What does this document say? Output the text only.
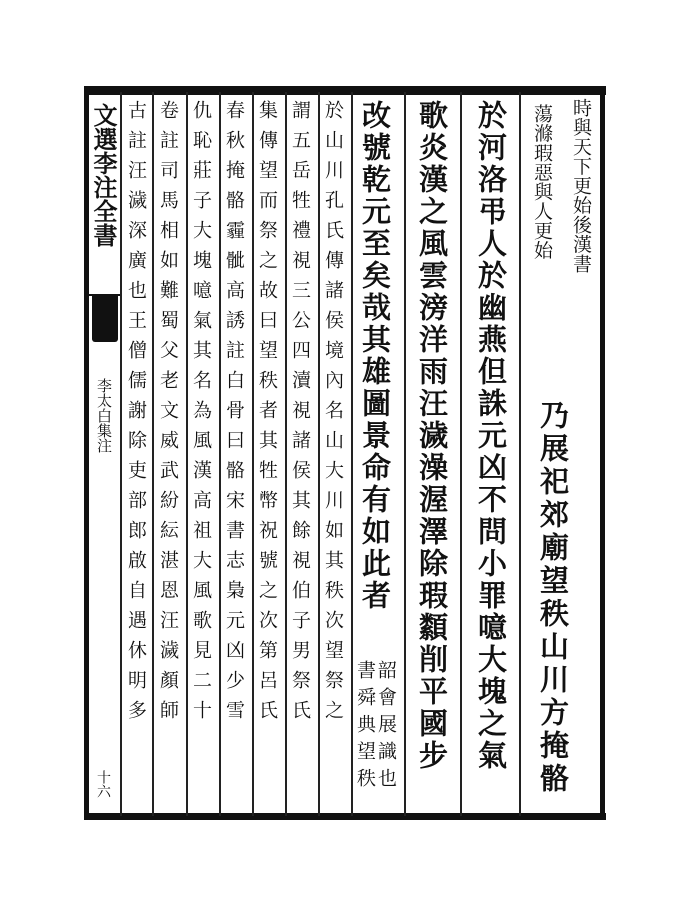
文選李注全書
李太白集注
十六
時與天下更始後漢書
蕩滌瑕惡與人更始
乃展祀郊廟望秩山川方掩骼
於河洛弔人於幽燕但誅元凶不問小罪噫大塊之氣
歌炎漢之風雲滂洋雨汪濊澡渥澤除瑕纇削平國步
改號乾元至矣哉其雄圖景命有如此者
韶會展識也
書舜典望秩
於山川孔氏傳諸侯境內名山大川如其秩次望祭之
謂五岳牲禮視三公四瀆視諸侯其餘視伯子男祭氏
集傳望而祭之故曰望秩者其牲幣祝號之次第呂氏
春秋掩骼霾骴高誘註白骨曰骼宋書志梟元凶少雪
仇恥莊子大塊噫氣其名為風漢高祖大風歌見二十
卷註司馬相如難蜀父老文威武紛紜湛恩汪濊顏師
古註汪濊深廣也王僧儒謝除吏部郎啟自遇休明多
